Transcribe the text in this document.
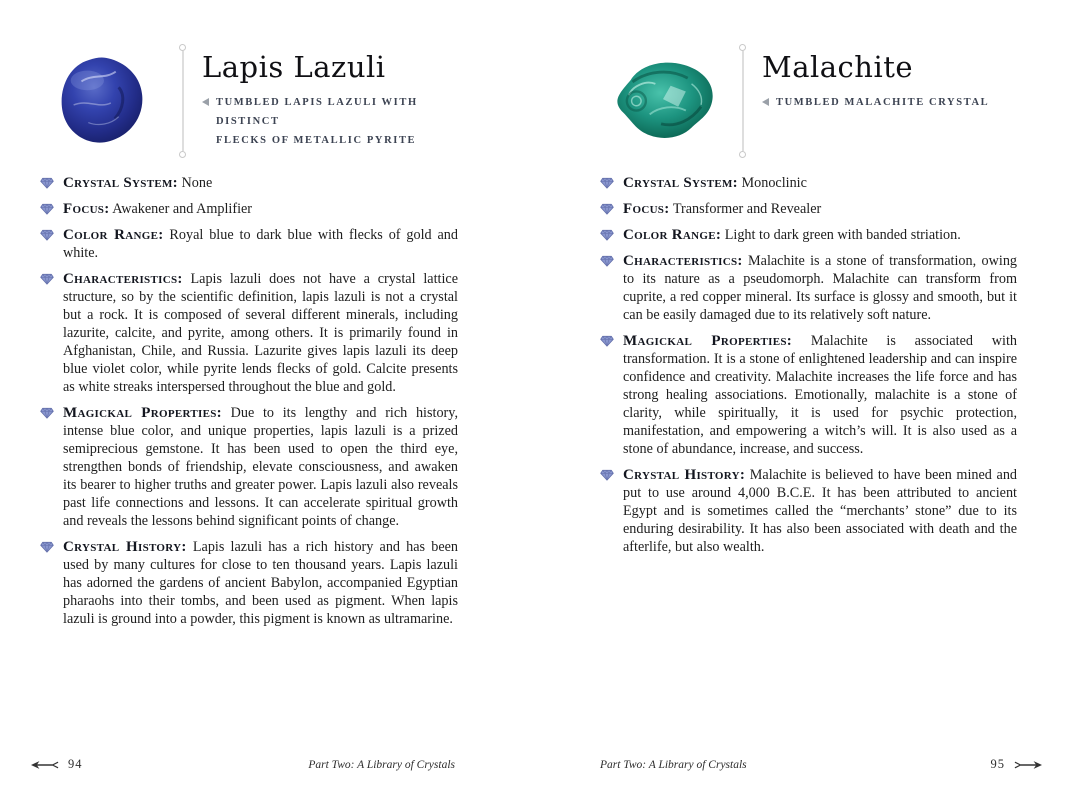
Lapis Lazuli
TUMBLED LAPIS LAZULI WITH DISTINCT
FLECKS OF METALLIC PYRITE

Crystal System: None

Focus: Awakener and Amplifier

Color Range: Royal blue to dark blue with flecks of gold and white.

Characteristics: Lapis lazuli does not have a crystal lattice structure, so by the scientific definition, lapis lazuli is not a crystal but a rock. It is composed of several different minerals, including lazurite, calcite, and pyrite, among others. It is primarily found in Afghanistan, Chile, and Russia. Lazurite gives lapis lazuli its deep blue violet color, while pyrite lends flecks of gold. Calcite presents as white streaks interspersed throughout the blue and gold.

Magickal Properties: Due to its lengthy and rich history, intense blue color, and unique properties, lapis lazuli is a prized semiprecious gemstone. It has been used to open the third eye, strengthen bonds of friendship, elevate consciousness, and awaken its bearer to higher truths and greater power. Lapis lazuli also reveals past life connections and lessons. It can accelerate spiritual growth and reveals the lessons behind significant points of change.

Crystal History: Lapis lazuli has a rich history and has been used by many cultures for close to ten thousand years. Lapis lazuli has adorned the gardens of ancient Babylon, accompanied Egyptian pharaohs into their tombs, and been used as pigment. When lapis lazuli is ground into a powder, this pigment is known as ultramarine.

Malachite
TUMBLED MALACHITE CRYSTAL

Crystal System: Monoclinic

Focus: Transformer and Revealer

Color Range: Light to dark green with banded striation.

Characteristics: Malachite is a stone of transformation, owing to its nature as a pseudomorph. Malachite can transform from cuprite, a red copper mineral. Its surface is glossy and smooth, but it can be easily damaged due to its relatively soft nature.

Magickal Properties: Malachite is associated with transformation. It is a stone of enlightened leadership and can inspire confidence and creativity. Malachite increases the life force and has strong healing associations. Emotionally, malachite is a stone of clarity, while spiritually, it is used for psychic protection, manifestation, and empowering a witch’s will. It is also used as a stone of abundance, increase, and success.

Crystal History: Malachite is believed to have been mined and put to use around 4,000 B.C.E. It has been attributed to ancient Egypt and is sometimes called the “merchants’ stone” due to its enduring desirability. It has also been associated with death and the afterlife, but also wealth.

94	Part Two: A Library of Crystals	Part Two: A Library of Crystals	95
